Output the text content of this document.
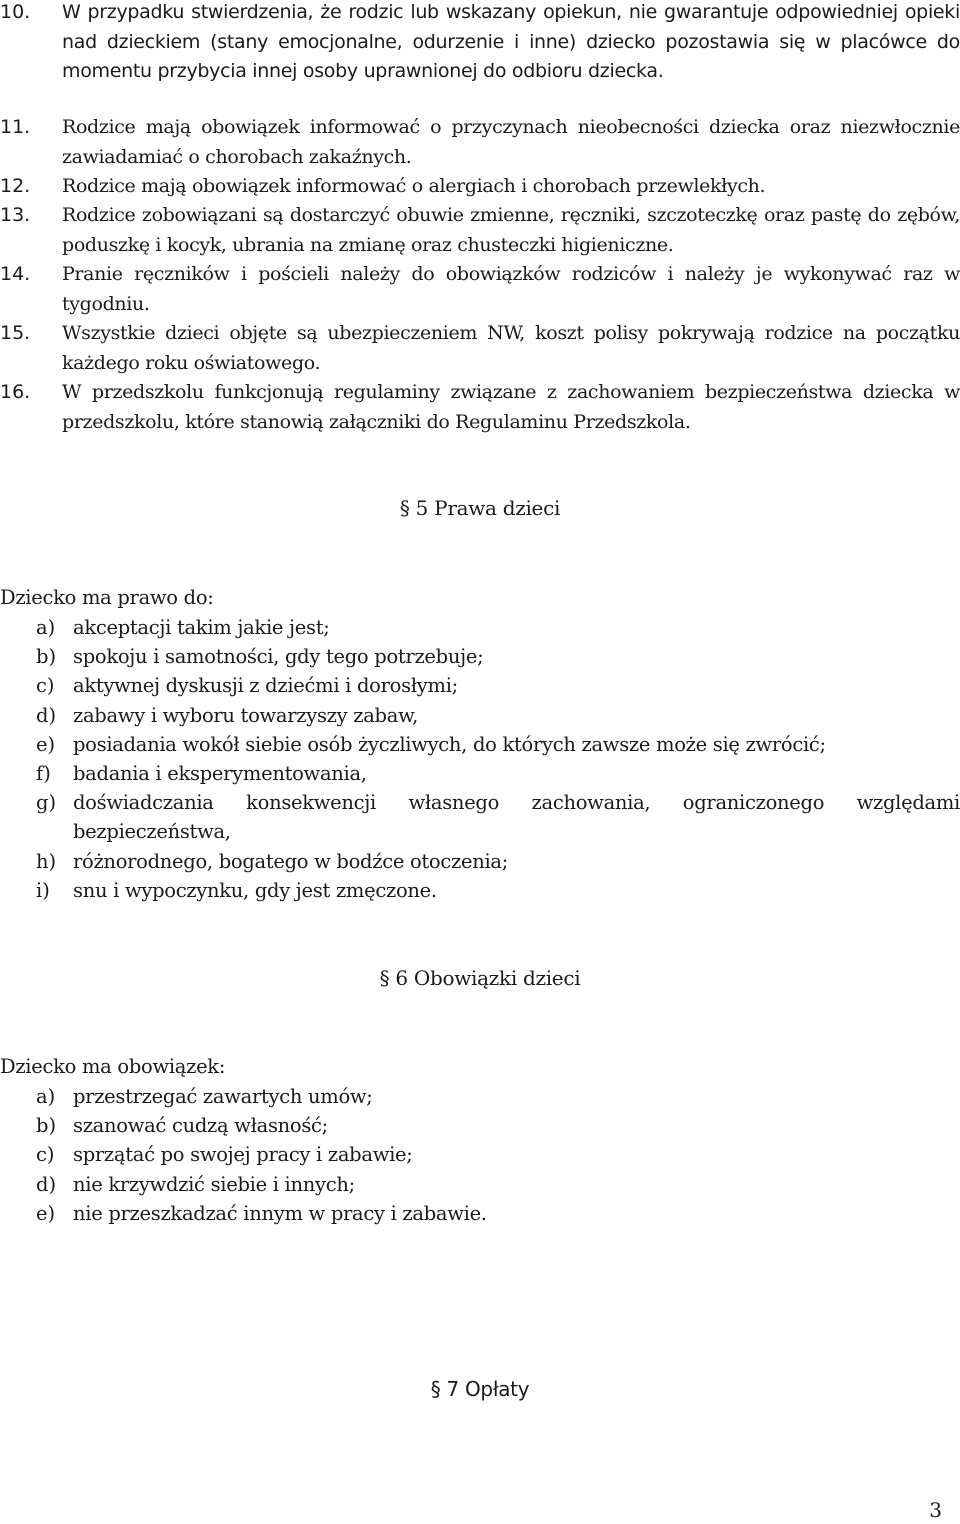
10.	W przypadku stwierdzenia, że rodzic lub wskazany opiekun, nie gwarantuje odpowiedniej opieki nad dzieckiem (stany emocjonalne, odurzenie i inne) dziecko pozostawia się w placówce do momentu przybycia innej osoby uprawnionej do odbioru dziecka.
11.	Rodzice mają obowiązek informować o przyczynach nieobecności dziecka oraz niezwłocznie zawiadamiać o chorobach zakaźnych.
12.	Rodzice mają obowiązek informować o alergiach i chorobach przewlekłych.
13.	Rodzice zobowiązani są dostarczyć obuwie zmienne, ręczniki, szczoteczkę oraz pastę do zębów, poduszkę i kocyk, ubrania na zmianę oraz chusteczki higieniczne.
14.	Pranie ręczników i pościeli należy do obowiązków rodziców i należy je wykonywać raz w tygodniu.
15.	Wszystkie dzieci objęte są ubezpieczeniem NW, koszt polisy pokrywają rodzice na początku każdego roku oświatowego.
16.	W przedszkolu funkcjonują regulaminy związane z zachowaniem bezpieczeństwa dziecka w przedszkolu, które stanowią załączniki do Regulaminu Przedszkola.
§ 5 Prawa dzieci
Dziecko ma prawo do:
a) akceptacji takim jakie jest;
b) spokoju i samotności, gdy tego potrzebuje;
c) aktywnej dyskusji z dziećmi i dorosłymi;
d) zabawy i wyboru towarzyszy zabaw,
e) posiadania wokół siebie osób życzliwych, do których zawsze może się zwrócić;
f) badania i eksperymentowania,
g) doświadczania konsekwencji własnego zachowania, ograniczonego względami bezpieczeństwa,
h) różnorodnego, bogatego w bodźce otoczenia;
i) snu i wypoczynku, gdy jest zmęczone.
§ 6 Obowiązki dzieci
Dziecko ma obowiązek:
a) przestrzegać zawartych umów;
b) szanować cudzą własność;
c) sprzątać po swojej pracy i zabawie;
d) nie krzywdzić siebie i innych;
e) nie przeszkadzać innym w pracy i zabawie.
§ 7 Opłaty
3
